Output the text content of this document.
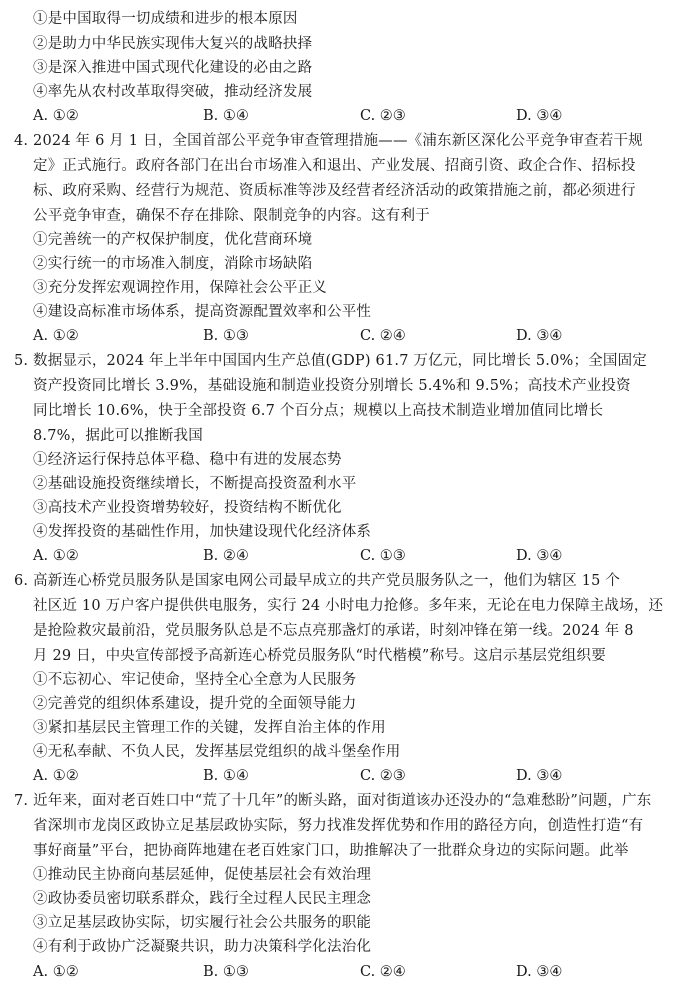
①是中国取得一切成绩和进步的根本原因
②是助力中华民族实现伟大复兴的战略抉择
③是深入推进中国式现代化建设的必由之路
④率先从农村改革取得突破，推动经济发展
A. ①②	B. ①④	C. ②③	D. ③④
4. 2024 年 6 月 1 日，全国首部公平竞争审查管理措施——《浦东新区深化公平竞争审查若干规
定》正式施行。政府各部门在出台市场准入和退出、产业发展、招商引资、政企合作、招标投
标、政府采购、经营行为规范、资质标准等涉及经营者经济活动的政策措施之前，都必须进行
公平竞争审查，确保不存在排除、限制竞争的内容。这有利于
①完善统一的产权保护制度，优化营商环境
②实行统一的市场准入制度，消除市场缺陷
③充分发挥宏观调控作用，保障社会公平正义
④建设高标准市场体系，提高资源配置效率和公平性
A. ①②	B. ①③	C. ②④	D. ③④
5. 数据显示，2024 年上半年中国国内生产总值(GDP) 61.7 万亿元，同比增长 5.0%；全国固定
资产投资同比增长 3.9%，基础设施和制造业投资分别增长 5.4%和 9.5%；高技术产业投资
同比增长 10.6%，快于全部投资 6.7 个百分点；规模以上高技术制造业增加值同比增长
8.7%，据此可以推断我国
①经济运行保持总体平稳、稳中有进的发展态势
②基础设施投资继续增长，不断提高投资盈利水平
③高技术产业投资增势较好，投资结构不断优化
④发挥投资的基础性作用，加快建设现代化经济体系
A. ①②	B. ②④	C. ①③	D. ③④
6. 高新连心桥党员服务队是国家电网公司最早成立的共产党员服务队之一，他们为辖区 15 个
社区近 10 万户客户提供供电服务，实行 24 小时电力抢修。多年来，无论在电力保障主战场，还
是抢险救灾最前沿，党员服务队总是不忘点亮那盏灯的承诺，时刻冲锋在第一线。2024 年 8
月 29 日，中央宣传部授予高新连心桥党员服务队“时代楷模”称号。这启示基层党组织要
①不忘初心、牢记使命，坚持全心全意为人民服务
②完善党的组织体系建设，提升党的全面领导能力
③紧扣基层民主管理工作的关键，发挥自治主体的作用
④无私奉献、不负人民，发挥基层党组织的战斗堡垒作用
A. ①②	B. ①④	C. ②③	D. ③④
7. 近年来，面对老百姓口中“荒了十几年”的断头路，面对街道该办还没办的“急难愁盼”问题，广东
省深圳市龙岗区政协立足基层政协实际，努力找准发挥优势和作用的路径方向，创造性打造“有
事好商量”平台，把协商阵地建在老百姓家门口，助推解决了一批群众身边的实际问题。此举
①推动民主协商向基层延伸，促使基层社会有效治理
②政协委员密切联系群众，践行全过程人民民主理念
③立足基层政协实际，切实履行社会公共服务的职能
④有利于政协广泛凝聚共识，助力决策科学化法治化
A. ①②	B. ①③	C. ②④	D. ③④
